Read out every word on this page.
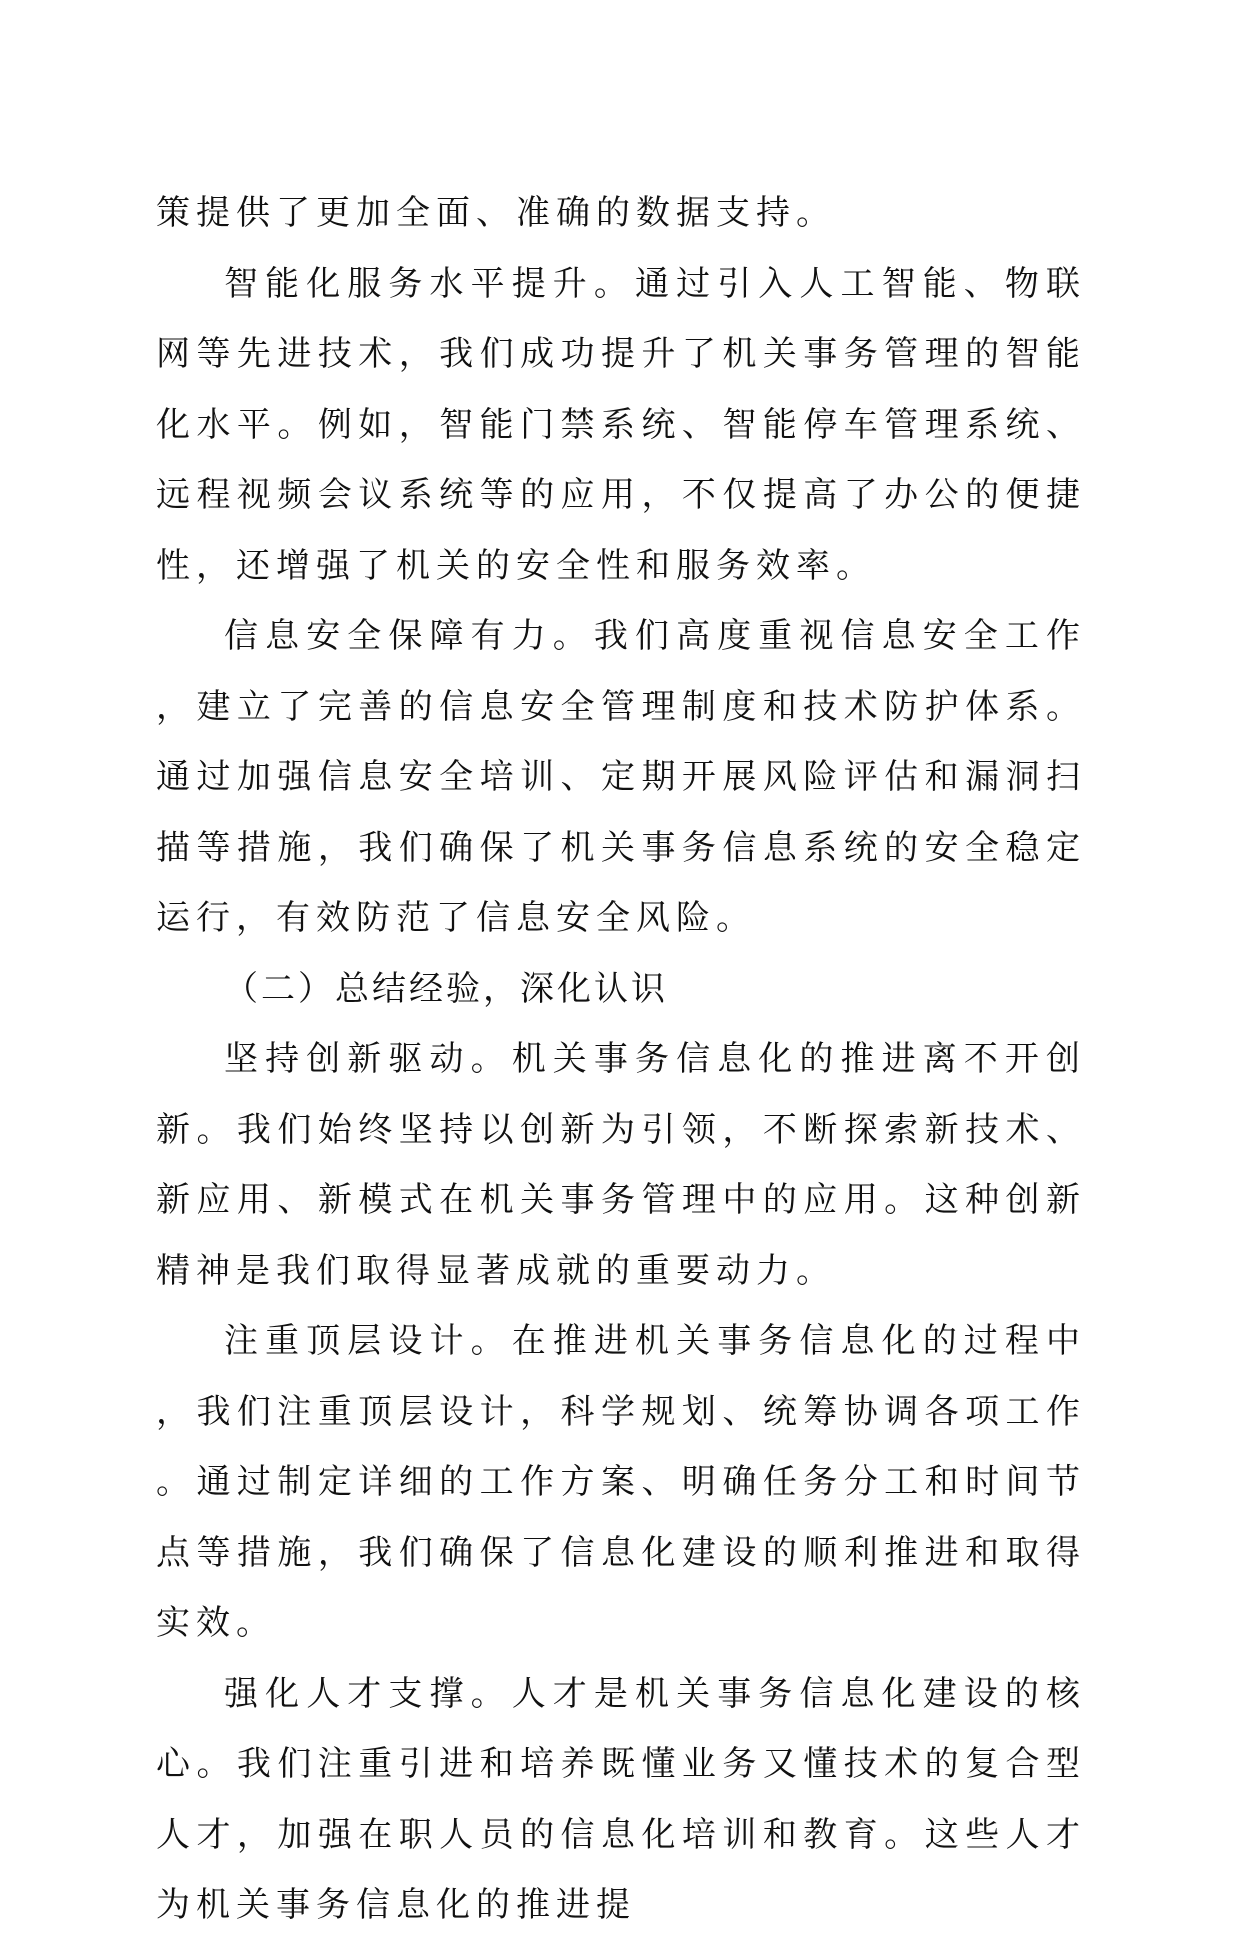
策提供了更加全面、准确的数据支持。

智能化服务水平提升。通过引入人工智能、物联网等先进技术，我们成功提升了机关事务管理的智能化水平。例如，智能门禁系统、智能停车管理系统、远程视频会议系统等的应用，不仅提高了办公的便捷性，还增强了机关的安全性和服务效率。

信息安全保障有力。我们高度重视信息安全工作，建立了完善的信息安全管理制度和技术防护体系。通过加强信息安全培训、定期开展风险评估和漏洞扫描等措施，我们确保了机关事务信息系统的安全稳定运行，有效防范了信息安全风险。

（二）总结经验，深化认识

坚持创新驱动。机关事务信息化的推进离不开创新。我们始终坚持以创新为引领，不断探索新技术、新应用、新模式在机关事务管理中的应用。这种创新精神是我们取得显著成就的重要动力。

注重顶层设计。在推进机关事务信息化的过程中，我们注重顶层设计，科学规划、统筹协调各项工作。通过制定详细的工作方案、明确任务分工和时间节点等措施，我们确保了信息化建设的顺利推进和取得实效。

强化人才支撑。人才是机关事务信息化建设的核心。我们注重引进和培养既懂业务又懂技术的复合型人才，加强在职人员的信息化培训和教育。这些人才为机关事务信息化的推进提
